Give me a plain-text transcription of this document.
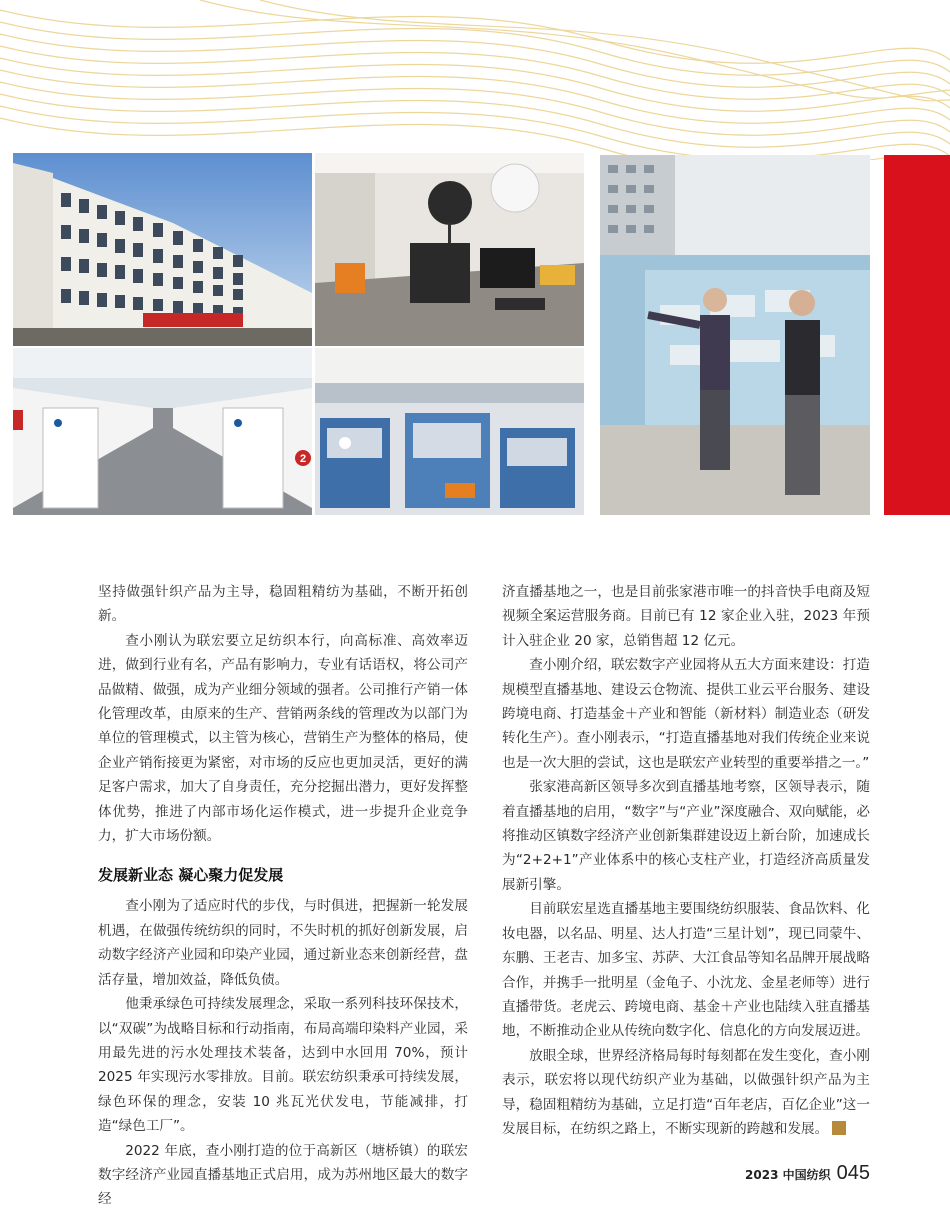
2

坚持做强针织产品为主导，稳固粗精纺为基础，不断开拓创新。

查小刚认为联宏要立足纺织本行，向高标准、高效率迈进，做到行业有名，产品有影响力，专业有话语权，将公司产品做精、做强，成为产业细分领域的强者。公司推行产销一体化管理改革，由原来的生产、营销两条线的管理改为以部门为单位的管理模式，以主管为核心，营销生产为整体的格局，使企业产销衔接更为紧密，对市场的反应也更加灵活，更好的满足客户需求，加大了自身责任，充分挖掘出潜力，更好发挥整体优势，推进了内部市场化运作模式，进一步提升企业竞争力，扩大市场份额。

发展新业态 凝心聚力促发展

查小刚为了适应时代的步伐，与时俱进，把握新一轮发展机遇，在做强传统纺织的同时，不失时机的抓好创新发展，启动数字经济产业园和印染产业园，通过新业态来创新经营，盘活存量，增加效益，降低负债。

他秉承绿色可持续发展理念，采取一系列科技环保技术，以“双碳”为战略目标和行动指南，布局高端印染料产业园，采用最先进的污水处理技术装备，达到中水回用 70%，预计 2025 年实现污水零排放。目前。联宏纺织秉承可持续发展，绿色环保的理念，安装 10 兆瓦光伏发电，节能减排，打造“绿色工厂”。

2022 年底，查小刚打造的位于高新区（塘桥镇）的联宏数字经济产业园直播基地正式启用，成为苏州地区最大的数字经

济直播基地之一，也是目前张家港市唯一的抖音快手电商及短视频全案运营服务商。目前已有 12 家企业入驻，2023 年预计入驻企业 20 家，总销售超 12 亿元。

查小刚介绍，联宏数字产业园将从五大方面来建设：打造规模型直播基地、建设云仓物流、提供工业云平台服务、建设跨境电商、打造基金＋产业和智能（新材料）制造业态（研发转化生产）。查小刚表示，“打造直播基地对我们传统企业来说也是一次大胆的尝试，这也是联宏产业转型的重要举措之一。”

张家港高新区领导多次到直播基地考察，区领导表示，随着直播基地的启用，“数字”与“产业”深度融合、双向赋能，必将推动区镇数字经济产业创新集群建设迈上新台阶，加速成长为“2+2+1”产业体系中的核心支柱产业，打造经济高质量发展新引擎。

目前联宏星选直播基地主要围绕纺织服装、食品饮料、化妆电器，以名品、明星、达人打造“三星计划”，现已同蒙牛、东鹏、王老吉、加多宝、苏萨、大江食品等知名品牌开展战略合作，并携手一批明星（金龟子、小沈龙、金星老师等）进行直播带货。老虎云、跨境电商、基金＋产业也陆续入驻直播基地，不断推动企业从传统向数字化、信息化的方向发展迈进。

放眼全球，世界经济格局每时每刻都在发生变化，查小刚表示，联宏将以现代纺织产业为基础，以做强针织产品为主导，稳固粗精纺为基础，立足打造“百年老店，百亿企业”这一发展目标，在纺织之路上，不断实现新的跨越和发展。

2023 中国纺织 045
